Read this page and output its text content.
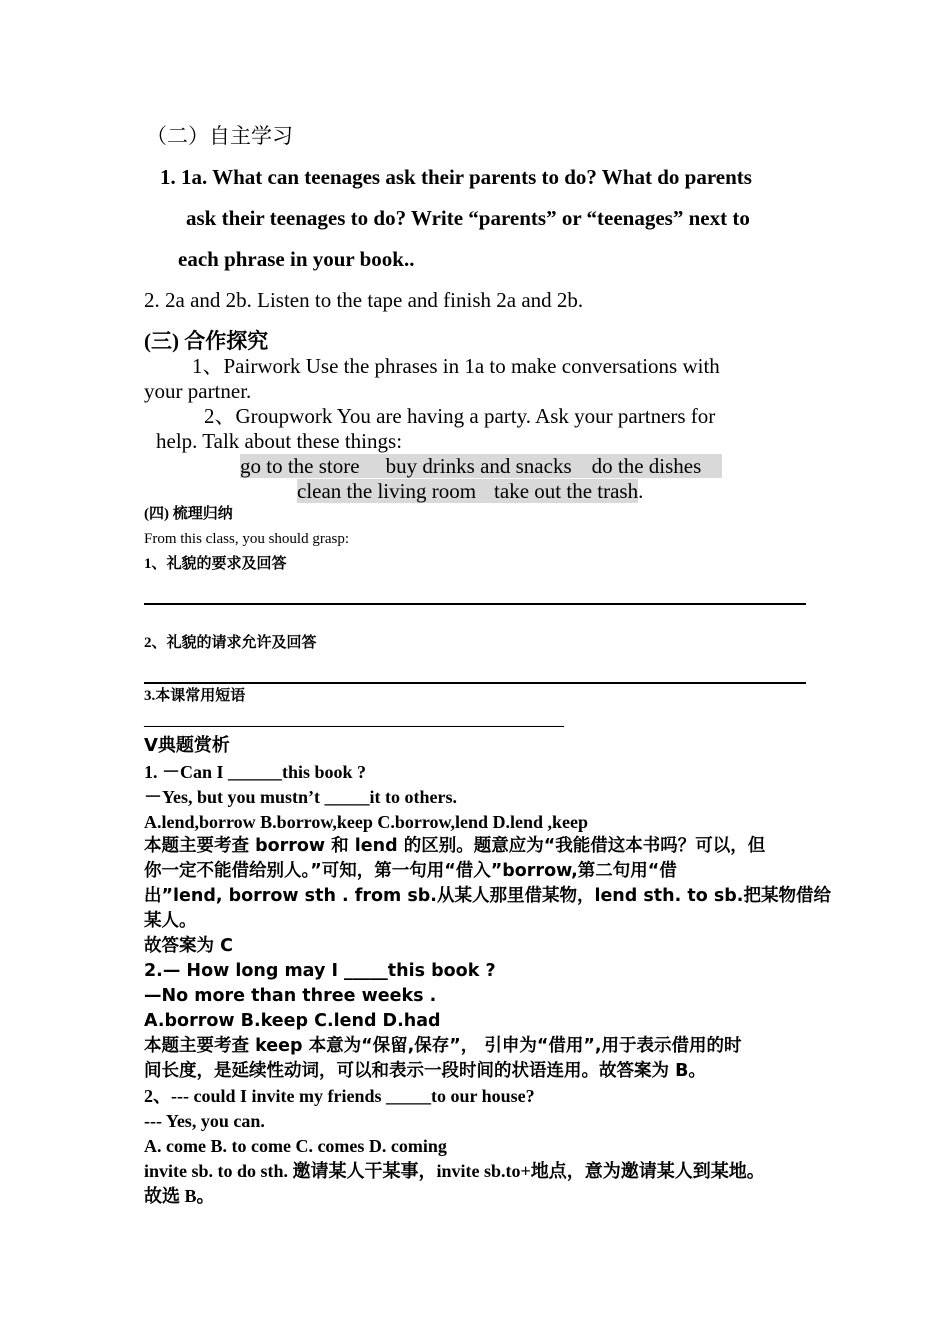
（二）自主学习
1. 1a. What can teenages ask their parents to do? What do parents
ask their teenages to do? Write “parents” or “teenages” next to
each phrase in your book..
2. 2a and 2b. Listen to the tape and finish 2a and 2b.
(三) 合作探究
1、Pairwork Use the phrases in 1a to make conversations with
your partner.
2、Groupwork You are having a party. Ask your partners for
help. Talk about these things:
go to the store buy drinks and snacks do the dishes
clean the living room take out the trash.
(四) 梳理归纳
From this class, you should grasp:
1、礼貌的要求及回答
2、礼貌的请求允许及回答
3.本课常用短语
________________________________________________________
V典题赏析
1. －Can I ______this book ?
－Yes, but you mustn’t _____it to others.
A.lend,borrow B.borrow,keep C.borrow,lend D.lend ,keep
本题主要考查 borrow 和 lend 的区别。题意应为“我能借这本书吗？可以，但
你一定不能借给别人。”可知，第一句用“借入”borrow,第二句用“借
出”lend, borrow sth . from sb.从某人那里借某物，lend sth. to sb.把某物借给
某人。
故答案为 C
2.— How long may I _____this book ?
—No more than three weeks .
A.borrow B.keep C.lend D.had
本题主要考查 keep 本意为“保留,保存”， 引申为“借用”,用于表示借用的时
间长度，是延续性动词，可以和表示一段时间的状语连用。故答案为 B。
2、--- could I invite my friends _____to our house?
--- Yes, you can.
A. come B. to come C. comes D. coming
invite sb. to do sth. 邀请某人干某事，invite sb.to+地点，意为邀请某人到某地。
故选 B。
